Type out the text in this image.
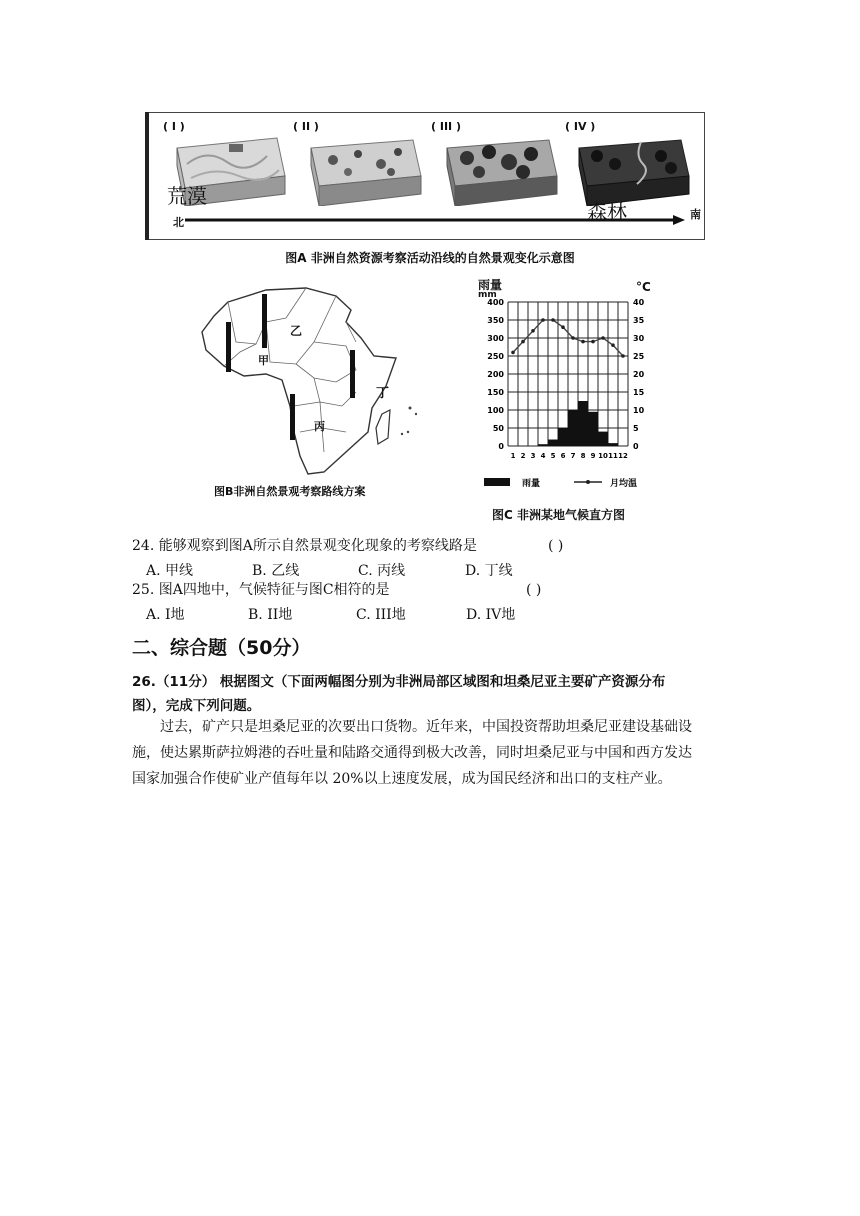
( I )	( II )	( III )	( IV )
荒漠
森林
北
南
图A 非洲自然资源考察活动沿线的自然景观变化示意图
甲
乙
丙
丁
图B非洲自然景观考察路线方案
雨量
mm
°C
400
350
300
250
200
150
100
50
0
40
35
30
25
20
15
10
5
0
1 2 3 4 5 6 7 8 9 10 11 12
雨量	月均温
图C 非洲某地气候直方图
24. 能够观察到图A所示自然景观变化现象的考察线路是	( )
A. 甲线	B. 乙线	C. 丙线	D. 丁线
25. 图A四地中，气候特征与图C相符的是	( )
A. I地	B. II地	C. III地	D. IV地
二、综合题（50分）
26.（11分） 根据图文（下面两幅图分别为非洲局部区域图和坦桑尼亚主要矿产资源分布
图），完成下列问题。
过去，矿产只是坦桑尼亚的次要出口货物。近年来，中国投资帮助坦桑尼亚建设基础设
施，使达累斯萨拉姆港的吞吐量和陆路交通得到极大改善，同时坦桑尼亚与中国和西方发达
国家加强合作使矿业产值每年以 20%以上速度发展，成为国民经济和出口的支柱产业。
